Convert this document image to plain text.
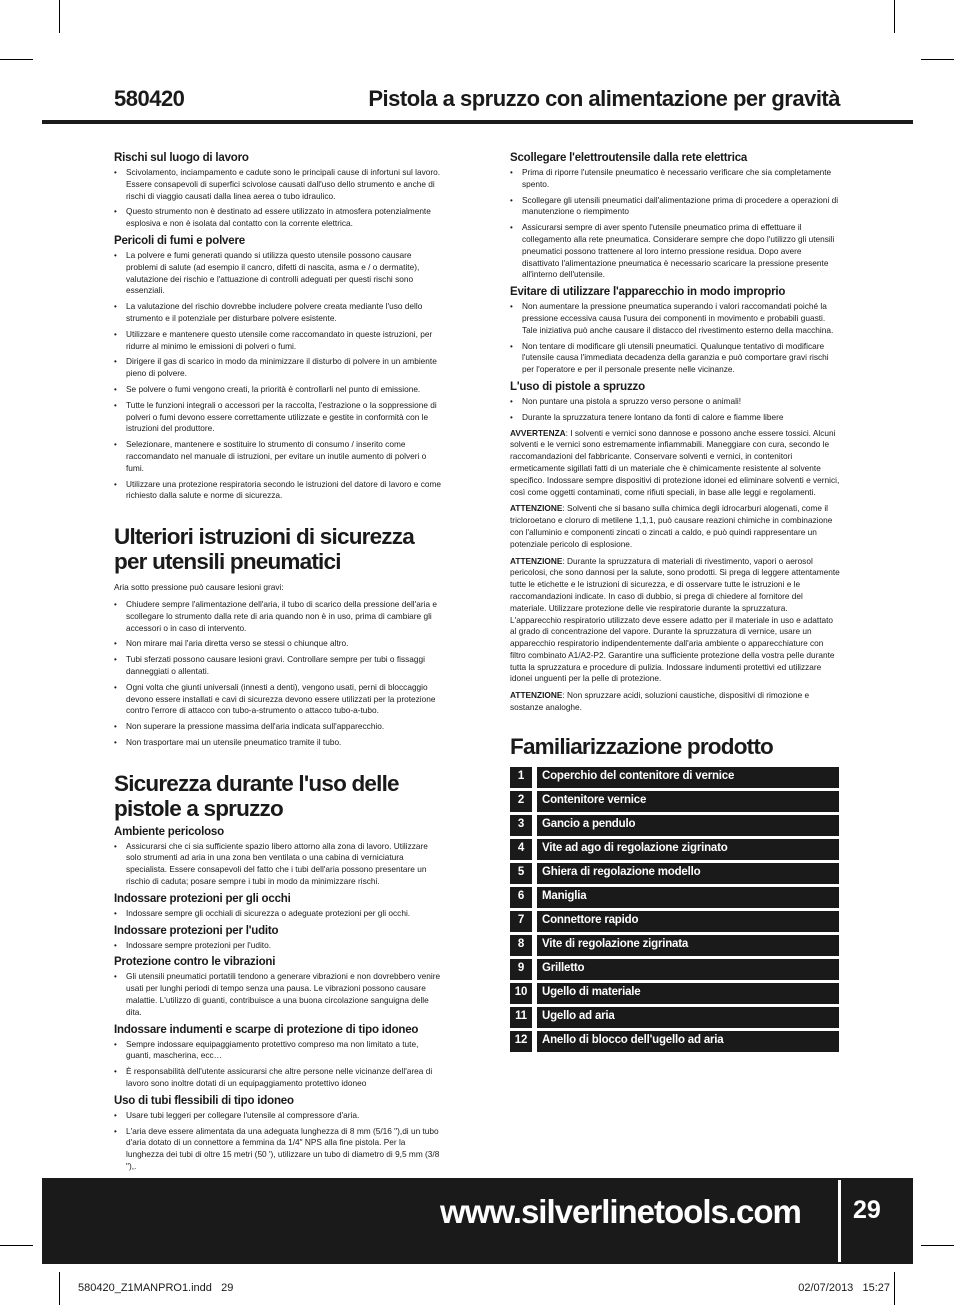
580420	Pistola a spruzzo con alimentazione per gravità
Rischi sul luogo di lavoro
• Scivolamento, inciampamento e cadute sono le principali cause di infortuni sul lavoro. Essere consapevoli di superfici scivolose causati dall'uso dello strumento e anche di rischi di viaggio causati dalla linea aerea o tubo idraulico.
• Questo strumento non è destinato ad essere utilizzato in atmosfera potenzialmente esplosiva e non è isolata dal contatto con la corrente elettrica.
Pericoli di fumi e polvere
• La polvere e fumi generati quando si utilizza questo utensile possono causare problemi di salute (ad esempio il cancro, difetti di nascita, asma e / o dermatite), valutazione dei rischio e l'attuazione di controlli adeguati per questi rischi sono essenziali.
• La valutazione del rischio dovrebbe includere polvere creata mediante l'uso dello strumento e il potenziale per disturbare polvere esistente.
• Utilizzare e mantenere questo utensile come raccomandato in queste istruzioni, per ridurre al minimo le emissioni di polveri o fumi.
• Dirigere il gas di scarico in modo da minimizzare il disturbo di polvere in un ambiente pieno di polvere.
• Se polvere o fumi vengono creati, la priorità è controllarli nel punto di emissione.
• Tutte le funzioni integrali o accessori per la raccolta, l'estrazione o la soppressione di polveri o fumi devono essere correttamente utilizzate e gestite in conformità con le istruzioni del produttore.
• Selezionare, mantenere e sostituire lo strumento di consumo / inserito come raccomandato nel manuale di istruzioni, per evitare un inutile aumento di polveri o fumi.
• Utilizzare una protezione respiratoria secondo le istruzioni del datore di lavoro e come richiesto dalla salute e norme di sicurezza.
Ulteriori istruzioni di sicurezza per utensili pneumatici

Aria sotto pressione può causare lesioni gravi:

• Chiudere sempre l'alimentazione dell'aria, il tubo di scarico della pressione dell'aria e scollegare lo strumento dalla rete di aria quando non è in uso, prima di cambiare gli accessori o in caso di intervento.
• Non mirare mai l'aria diretta verso se stessi o chiunque altro.
• Tubi sferzati possono causare lesioni gravi. Controllare sempre per tubi o fissaggi danneggiati o allentati.
• Ogni volta che giunti universali (innesti a denti), vengono usati, perni di bloccaggio devono essere installati e cavi di sicurezza devono essere utilizzati per la protezione contro l'errore di attacco con tubo-a-strumento o attacco tubo-a-tubo.
• Non superare la pressione massima dell'aria indicata sull'apparecchio.
• Non trasportare mai un utensile pneumatico tramite il tubo.
Sicurezza durante l'uso delle pistole a spruzzo
Ambiente pericoloso
• Assicurarsi che ci sia sufficiente spazio libero attorno alla zona di lavoro. Utilizzare solo strumenti ad aria in una zona ben ventilata o una cabina di verniciatura specialista. Essere consapevoli del fatto che i tubi dell'aria possono presentare un rischio di caduta; posare sempre i tubi in modo da minimizzare rischi.
Indossare protezioni per gli occhi
• Indossare sempre gli occhiali di sicurezza o adeguate protezioni per gli occhi.
Indossare protezioni per l'udito
• Indossare sempre protezioni per l'udito.
Protezione contro le vibrazioni
• Gli utensili pneumatici portatili tendono a generare vibrazioni e non dovrebbero venire usati per lunghi periodi di tempo senza una pausa. Le vibrazioni possono causare malattie. L'utilizzo di guanti, contribuisce a una buona circolazione sanguigna delle dita.
Indossare indumenti e scarpe di protezione di tipo idoneo
• Sempre indossare equipaggiamento protettivo compreso ma non limitato a tute, guanti, mascherina, ecc…
• È responsabilità dell'utente assicurarsi che altre persone nelle vicinanze dell'area di lavoro sono inoltre dotati di un equipaggiamento protettivo idoneo
Uso di tubi flessibili di tipo idoneo
• Usare tubi leggeri per collegare l'utensile al compressore d'aria.
• L'aria deve essere alimentata da una adeguata lunghezza di 8 mm (5/16 "),di un tubo d'aria dotato di un connettore a femmina da 1/4" NPS alla fine pistola. Per la lunghezza dei tubi di oltre 15 metri (50 '), utilizzare un tubo di diametro di 9,5 mm (3/8 "),.
•
Scollegare l'elettroutensile dalla rete elettrica
• Prima di riporre l'utensile pneumatico è necessario verificare che sia completamente spento.
• Scollegare gli utensili pneumatici dall'alimentazione prima di procedere a operazioni di manutenzione o riempimento
• Assicurarsi sempre di aver spento l'utensile pneumatico prima di effettuare il collegamento alla rete pneumatica. Considerare sempre che dopo l'utilizzo gli utensili pneumatici possono trattenere al loro interno pressione residua. Dopo avere disattivato l'alimentazione pneumatica è necessario scaricare la pressione presente all'interno dell'utensile.
Evitare di utilizzare l'apparecchio in modo improprio
• Non aumentare la pressione pneumatica superando i valori raccomandati poiché la pressione eccessiva causa l'usura dei componenti in movimento e probabili guasti. Tale iniziativa può anche causare il distacco del rivestimento esterno della macchina.
• Non tentare di modificare gli utensili pneumatici. Qualunque tentativo di modificare l'utensile causa l'immediata decadenza della garanzia e può comportare gravi rischi per l'operatore e per il personale presente nelle vicinanze.
L'uso di pistole a spruzzo
• Non puntare una pistola a spruzzo verso persone o animali!
• Durante la spruzzatura tenere lontano da fonti di calore e fiamme libere

AVVERTENZA: I solventi e vernici sono dannose e possono anche essere tossici. Alcuni solventi e le vernici sono estremamente infiammabili. Maneggiare con cura, secondo le raccomandazioni del fabbricante. Conservare solventi e vernici, in contenitori ermeticamente sigillati fatti di un materiale che è chimicamente resistente al solvente specifico. Indossare sempre dispositivi di protezione idonei ed eliminare solventi e vernici, così come oggetti contaminati, come rifiuti speciali, in base alle leggi e regolamenti.

ATTENZIONE: Solventi che si basano sulla chimica degli idrocarburi alogenati, come il tricloroetano e cloruro di metilene 1,1,1, può causare reazioni chimiche in combinazione con l'alluminio e componenti zincati o zincati a caldo, e può quindi rappresentare un potenziale pericolo di esplosione.

ATTENZIONE: Durante la spruzzatura di materiali di rivestimento, vapori o aerosol pericolosi, che sono dannosi per la salute, sono prodotti. Si prega di leggere attentamente tutte le etichette e le istruzioni di sicurezza, e di osservare tutte le istruzioni e le raccomandazioni indicate. In caso di dubbio, si prega di chiedere al fornitore del materiale. Utilizzare protezione delle vie respiratorie durante la spruzzatura. L'apparecchio respiratorio utilizzato deve essere adatto per il materiale in uso e adattato al grado di concentrazione del vapore. Durante la spruzzatura di vernice, usare un apparecchio respiratorio indipendentemente dall'aria ambiente o apparecchiature con filtro combinato A1/A2-P2. Garantire una sufficiente protezione della vostra pelle durante tutta la spruzzatura e procedure di pulizia. Indossare indumenti protettivi ed utilizzare idonei unguenti per la pelle di protezione.

ATTENZIONE: Non spruzzare acidi, soluzioni caustiche, dispositivi di rimozione e sostanze analoghe.

Familiarizzazione prodotto
1	Coperchio del contenitore di vernice
2	Contenitore vernice
3	Gancio a pendulo
4	Vite ad ago di regolazione zigrinato
5	Ghiera di regolazione modello
6	Maniglia
7	Connettore rapido
8	Vite di regolazione zigrinata
9	Grilletto
10	Ugello di materiale
11	Ugello ad aria
12	Anello di blocco dell'ugello ad aria
www.silverlinetools.com 29
580420_Z1MANPRO1.indd   29	02/07/2013   15:27
